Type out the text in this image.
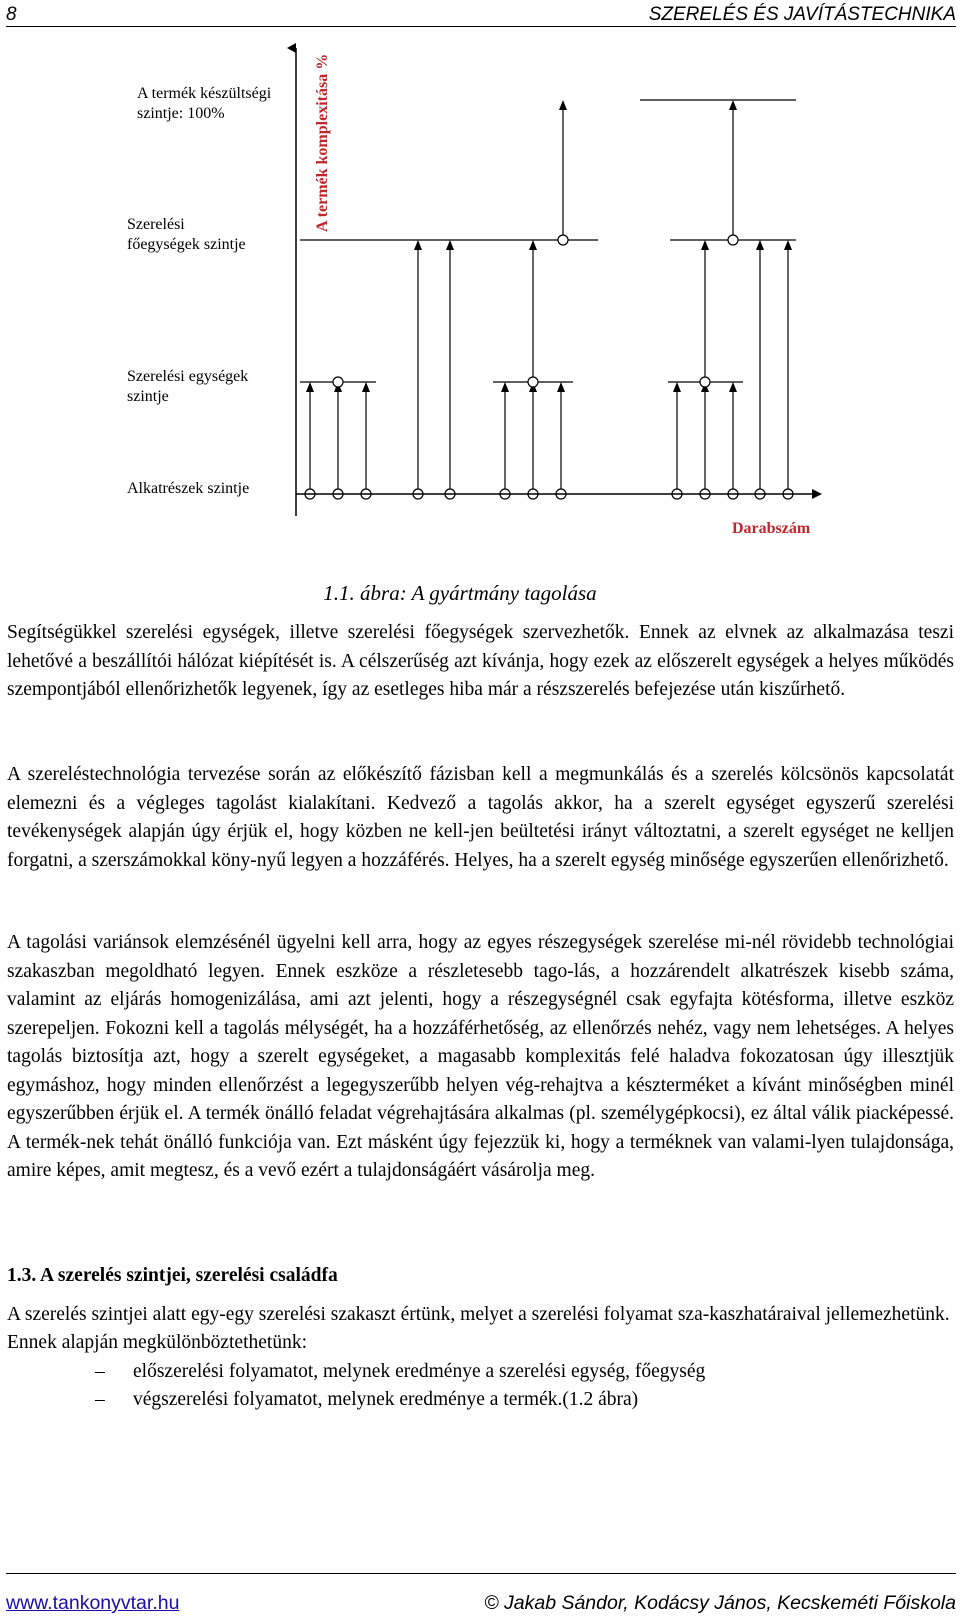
8	SZERELÉS ÉS JAVÍTÁSTECHNIKA
A termék készültségi
szintje: 100%
Szerelési
főegységek szintje
Szerelési egységek
szintje
Alkatrészek szintje
A termék komplexitása %
Darabszám
1.1. ábra: A gyártmány tagolása

Segítségükkel szerelési egységek, illetve szerelési főegységek szervezhetők. Ennek az elvnek az alkalmazása teszi lehetővé a beszállítói hálózat kiépítését is. A célszerűség azt kívánja, hogy ezek az előszerelt egységek a helyes működés szempontjából ellenőrizhetők legyenek, így az esetleges hiba már a részszerelés befejezése után kiszűrhető.

A szereléstechnológia tervezése során az előkészítő fázisban kell a megmunkálás és a szerelés kölcsönös kapcsolatát elemezni és a végleges tagolást kialakítani. Kedvező a tagolás akkor, ha a szerelt egységet egyszerű szerelési tevékenységek alapján úgy érjük el, hogy közben ne kell-jen beültetési irányt változtatni, a szerelt egységet ne kelljen forgatni, a szerszámokkal köny-nyű legyen a hozzáférés. Helyes, ha a szerelt egység minősége egyszerűen ellenőrizhető.

A tagolási variánsok elemzésénél ügyelni kell arra, hogy az egyes részegységek szerelése mi-nél rövidebb technológiai szakaszban megoldható legyen. Ennek eszköze a részletesebb tago-lás, a hozzárendelt alkatrészek kisebb száma, valamint az eljárás homogenizálása, ami azt jelenti, hogy a részegységnél csak egyfajta kötésforma, illetve eszköz szerepeljen. Fokozni kell a tagolás mélységét, ha a hozzáférhetőség, az ellenőrzés nehéz, vagy nem lehetséges. A helyes tagolás biztosítja azt, hogy a szerelt egységeket, a magasabb komplexitás felé haladva fokozatosan úgy illesztjük egymáshoz, hogy minden ellenőrzést a legegyszerűbb helyen vég-rehajtva a készterméket a kívánt minőségben minél egyszerűbben érjük el. A termék önálló feladat végrehajtására alkalmas (pl. személygépkocsi), ez által válik piacképessé. A termék-nek tehát önálló funkciója van. Ezt másként úgy fejezzük ki, hogy a terméknek van valami-lyen tulajdonsága, amire képes, amit megtesz, és a vevő ezért a tulajdonságáért vásárolja meg.

1.3. A szerelés szintjei, szerelési családfa

A szerelés szintjei alatt egy-egy szerelési szakaszt értünk, melyet a szerelési folyamat sza-kaszhatáraival jellemezhetünk.

Ennek alapján megkülönböztethetünk:

– előszerelési folyamatot, melynek eredménye a szerelési egység, főegység
– végszerelési folyamatot, melynek eredménye a termék.(1.2 ábra)
www.tankonyvtar.hu	© Jakab Sándor, Kodácsy János, Kecskeméti Főiskola
